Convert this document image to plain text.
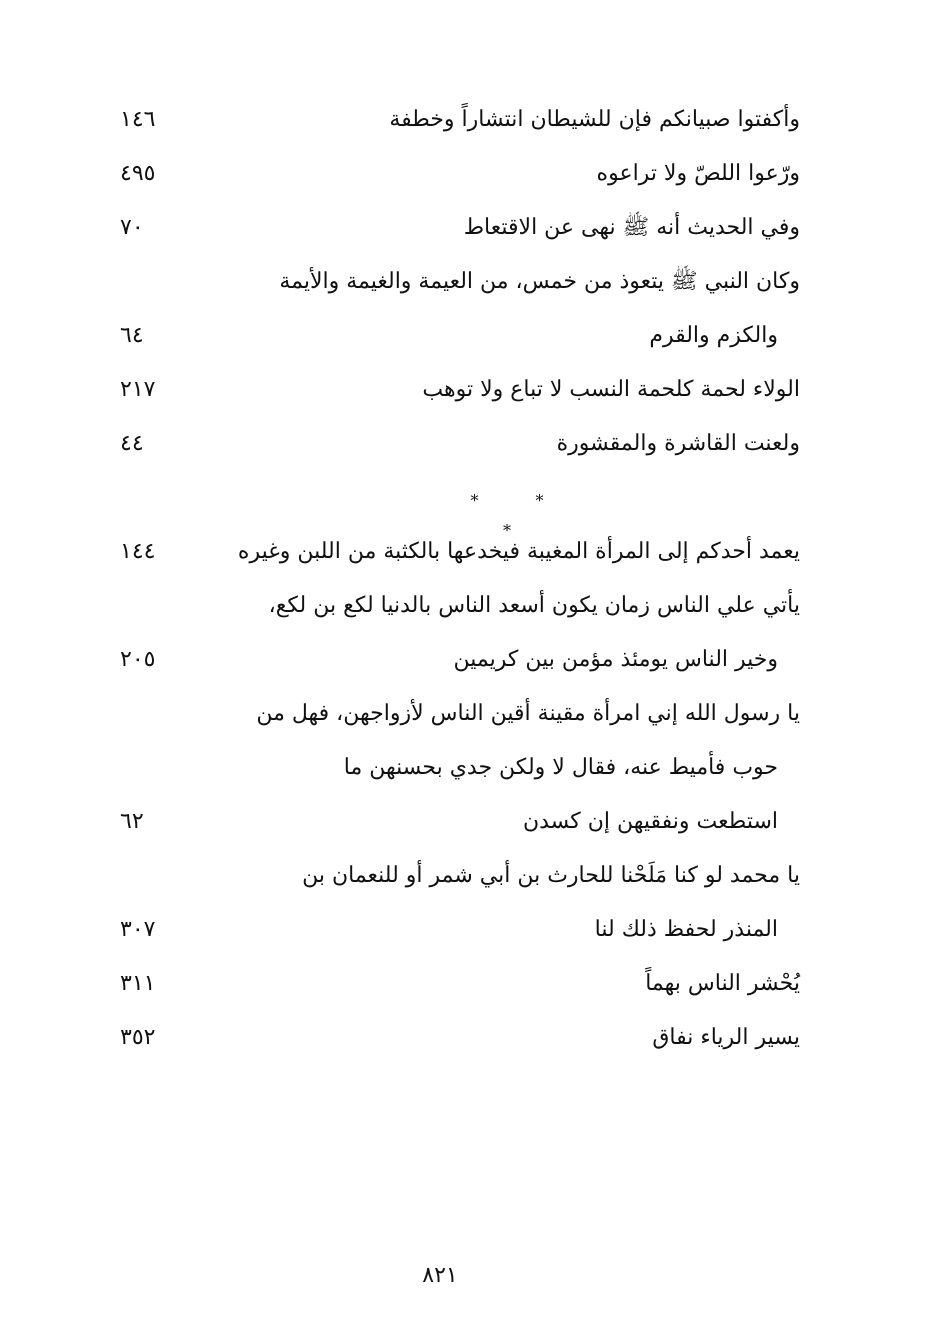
وأكفتوا صبيانكم فإن للشيطان انتشاراً وخطفة
١٤٦
ورّعوا اللصّ ولا تراعوه
٤٩٥
وفي الحديث أنه ﷺ نهى عن الاقتعاط
٧٠
وكان النبي ﷺ يتعوذ من خمس، من العيمة والغيمة والأيمة
والكزم والقرم
٦٤
الولاء لحمة كلحمة النسب لا تباع ولا توهب
٢١٧
ولعنت القاشرة والمقشورة
٤٤
* * *
يعمد أحدكم إلى المرأة المغيبة فيخدعها بالكثبة من اللبن وغيره
١٤٤
يأتي علي الناس زمان يكون أسعد الناس بالدنيا لكع بن لكع،
وخير الناس يومئذ مؤمن بين كريمين
٢٠٥
يا رسول الله إني امرأة مقينة أقين الناس لأزواجهن، فهل من
حوب فأميط عنه، فقال لا ولكن جدي بحسنهن ما
استطعت ونفقيهن إن كسدن
٦٢
يا محمد لو كنا مَلَحْنا للحارث بن أبي شمر أو للنعمان بن
المنذر لحفظ ذلك لنا
٣٠٧
يُحْشر الناس بهماً
٣١١
يسير الرياء نفاق
٣٥٢
٨٢١
